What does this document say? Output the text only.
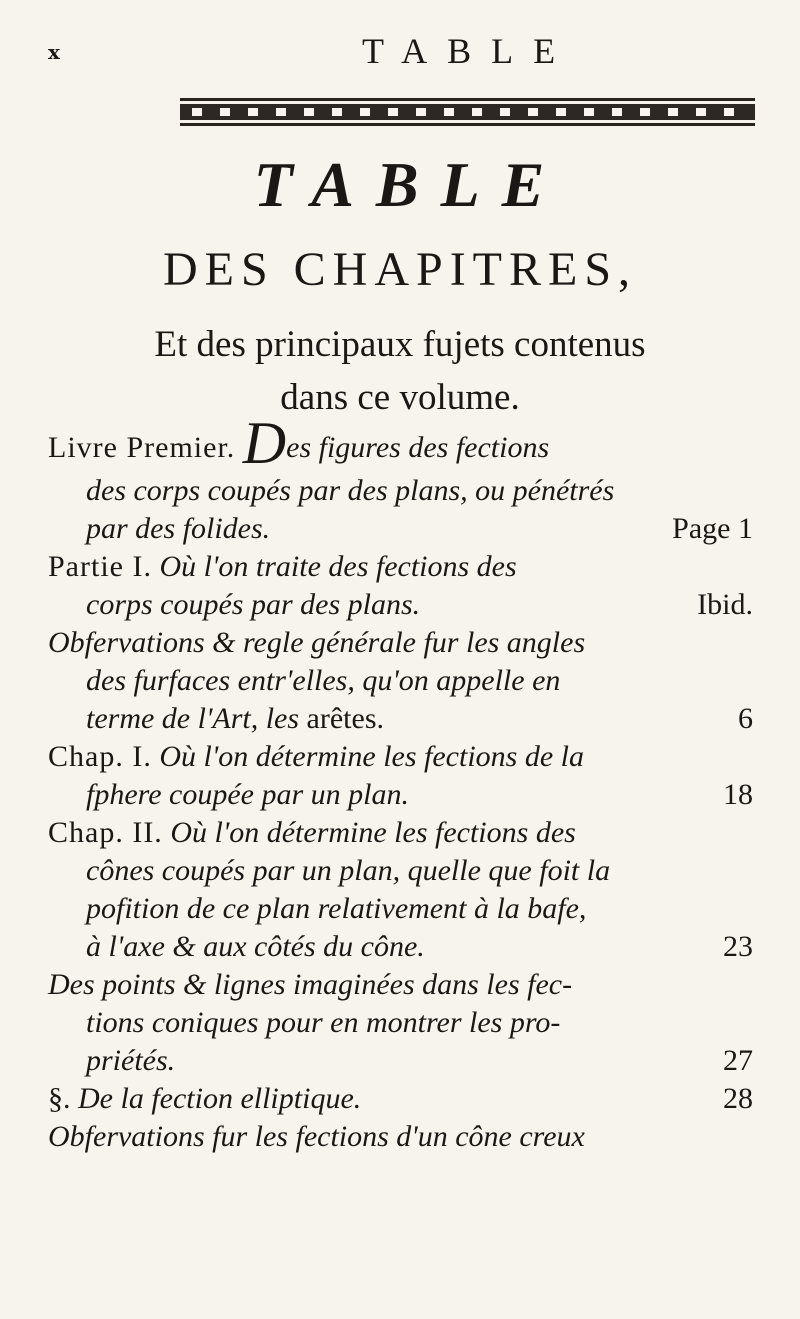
x	TABLE
TABLE
DES CHAPITRES,
Et des principaux fujets contenus
dans ce volume.
Livre Premier. Des figures des fections
des corps coupés par des plans, ou pénétrés
par des folides.	Page 1
Partie I. Où l'on traite des fections des
corps coupés par des plans.	Ibid.
Obfervations & regle générale fur les angles
des furfaces entr'elles, qu'on appelle en
terme de l'Art, les arêtes.	6
Chap. I. Où l'on détermine les fections de la
fphere coupée par un plan.	18
Chap. II. Où l'on détermine les fections des
cônes coupés par un plan, quelle que foit la
pofition de ce plan relativement à la bafe,
à l'axe & aux côtés du cône.	23
Des points & lignes imaginées dans les fec-
tions coniques pour en montrer les pro-
priétés.	27
§. De la fection elliptique.	28
Obfervations fur les fections d'un cône creux
